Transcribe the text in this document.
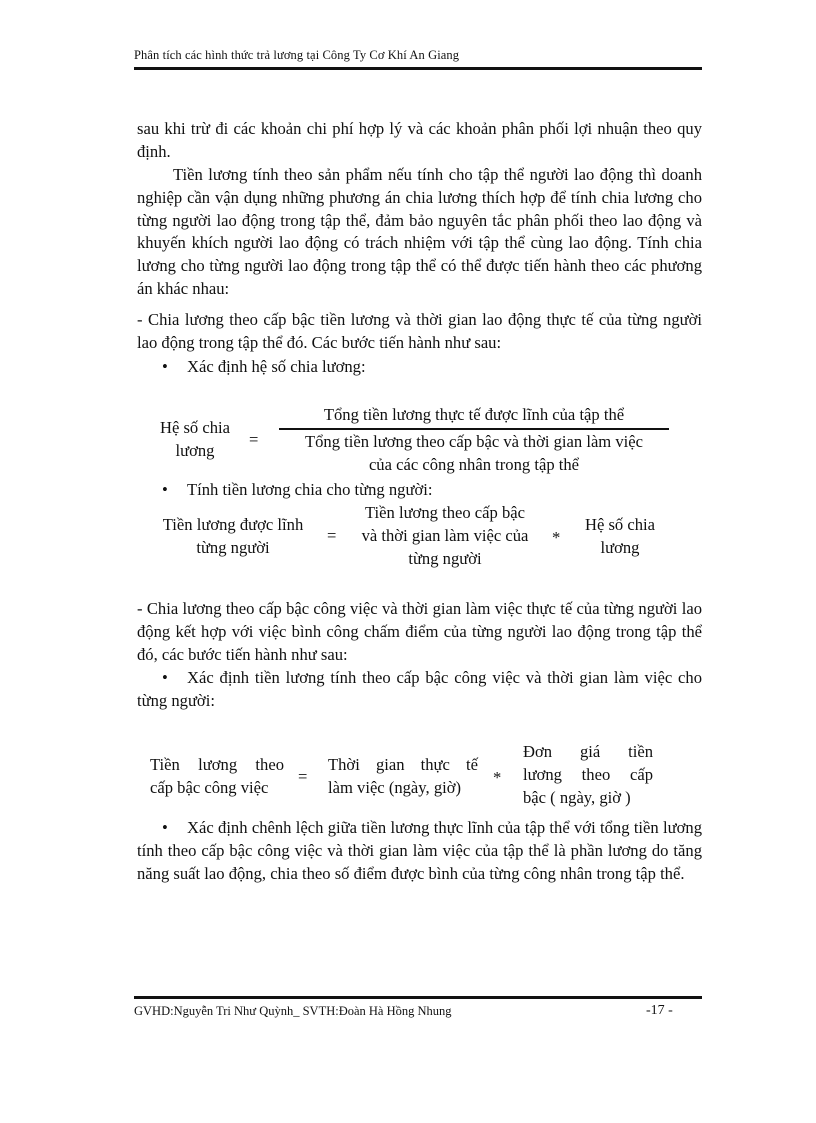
Phân tích các hình thức trả lương tại Công Ty Cơ Khí An Giang

sau khi trừ đi các khoản chi phí hợp lý và các khoản phân phối lợi nhuận theo quy định.

Tiền lương tính theo sản phẩm nếu tính cho tập thể người lao động thì doanh nghiệp cần vận dụng những phương án chia lương thích hợp để tính chia lương cho từng người lao động trong tập thể, đảm bảo nguyên tắc phân phối theo lao động và khuyến khích người lao động có trách nhiệm với tập thể cùng lao động. Tính chia lương cho từng người lao động trong tập thể có thể được tiến hành theo các phương án khác nhau:

- Chia lương theo cấp bậc tiền lương và thời gian lao động thực tế của từng người lao động trong tập thể đó. Các bước tiến hành như sau:

• Xác định hệ số chia lương:
Hệ số chia
lương
=
Tổng tiền lương thực tế được lĩnh của tập thể
Tổng tiền lương theo cấp bậc và thời gian làm việc
của các công nhân trong tập thể
• Tính tiền lương chia cho từng người:
Tiền lương được lĩnh
từng người
=
Tiền lương theo cấp bậc
và thời gian làm việc của
từng người
*
Hệ số chia
lương

- Chia lương theo cấp bậc công việc và thời gian làm việc thực tế của từng người lao động kết hợp với việc bình công chấm điểm của từng người lao động trong tập thể đó, các bước tiến hành như sau:

• Xác định tiền lương tính theo cấp bậc công việc và thời gian làm việc cho từng người:

Tiền lương theo
cấp bậc công việc
=
Thời gian thực tế
làm việc (ngày, giờ)
*
Đơn giá tiền
lương theo cấp
bậc ( ngày, giờ )

• Xác định chênh lệch giữa tiền lương thực lĩnh của tập thể với tổng tiền lương tính theo cấp bậc công việc và thời gian làm việc của tập thể là phần lương do tăng năng suất lao động, chia theo số điểm được bình của từng công nhân trong tập thể.

GVHD:Nguyễn Tri Như Quỳnh_ SVTH:Đoàn Hà Hồng Nhung	-17 -
